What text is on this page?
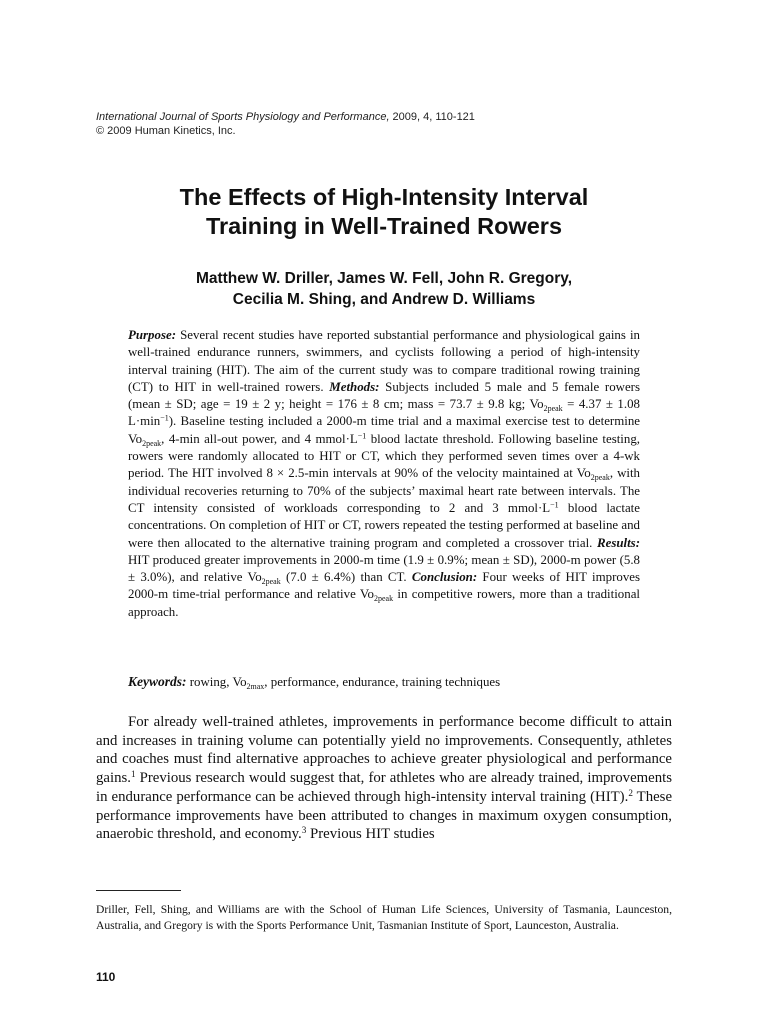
International Journal of Sports Physiology and Performance, 2009, 4, 110-121
© 2009 Human Kinetics, Inc.
The Effects of High-Intensity Interval
Training in Well-Trained Rowers
Matthew W. Driller, James W. Fell, John R. Gregory,
Cecilia M. Shing, and Andrew D. Williams
Purpose: Several recent studies have reported substantial performance and physiological gains in well-trained endurance runners, swimmers, and cyclists following a period of high-intensity interval training (HIT). The aim of the current study was to compare traditional rowing training (CT) to HIT in well-trained rowers. Methods: Subjects included 5 male and 5 female rowers (mean ± SD; age = 19 ± 2 y; height = 176 ± 8 cm; mass = 73.7 ± 9.8 kg; $Vo_{2peak} = 4.37 \pm 1.08$ $L\cdot\min^{-1}$). Baseline testing included a 2000-m time trial and a maximal exercise test to determine $Vo_{2peak}$, 4-min all-out power, and 4 $mmol\cdot L^{-1}$ blood lactate threshold. Following baseline testing, rowers were randomly allocated to HIT or CT, which they performed seven times over a 4-wk period. The HIT involved 8 × 2.5-min intervals at 90% of the velocity maintained at $Vo_{2peak}$, with individual recoveries returning to 70% of the subjects’ maximal heart rate between intervals. The CT intensity consisted of workloads corresponding to 2 and 3 $mmol\cdot L^{-1}$ blood lactate concentrations. On completion of HIT or CT, rowers repeated the testing performed at baseline and were then allocated to the alternative training program and completed a crossover trial. Results: HIT produced greater improvements in 2000-m time (1.9 ± 0.9%; mean ± SD), 2000-m power (5.8 ± 3.0%), and relative $Vo_{2peak}$ (7.0 ± 6.4%) than CT. Conclusion: Four weeks of HIT improves 2000-m time-trial performance and relative $Vo_{2peak}$ in competitive rowers, more than a traditional approach.
Keywords: rowing, $Vo_{2max}$, performance, endurance, training techniques
For already well-trained athletes, improvements in performance become difficult to attain and increases in training volume can potentially yield no improvements. Consequently, athletes and coaches must find alternative approaches to achieve greater physiological and performance gains.$^1$ Previous research would suggest that, for athletes who are already trained, improvements in endurance performance can be achieved through high-intensity interval training (HIT).$^2$ These performance improvements have been attributed to changes in maximum oxygen consumption, anaerobic threshold, and economy.$^3$ Previous HIT studies
Driller, Fell, Shing, and Williams are with the School of Human Life Sciences, University of Tasmania, Launceston, Australia, and Gregory is with the Sports Performance Unit, Tasmanian Institute of Sport, Launceston, Australia.
110
